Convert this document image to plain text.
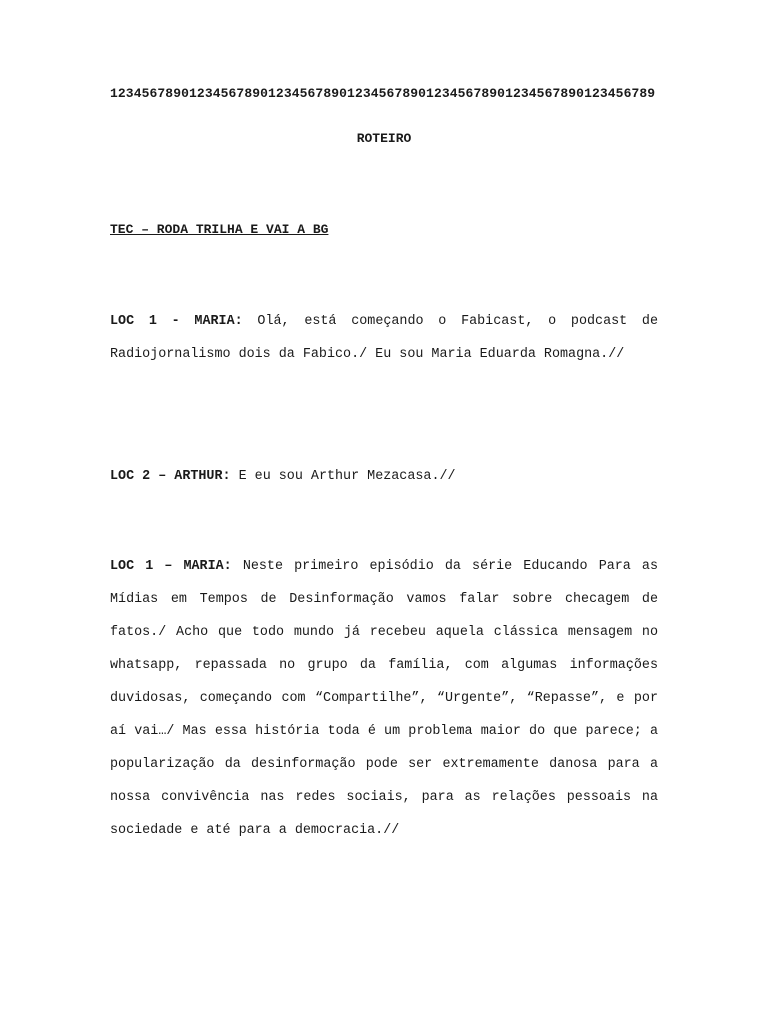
123456789012345678901234567890123456789012345678901234567890123456789
ROTEIRO
TEC – RODA TRILHA E VAI A BG

LOC 1 - MARIA: Olá, está começando o Fabicast, o podcast de Radiojornalismo dois da Fabico./ Eu sou Maria Eduarda Romagna.//

LOC 2 – ARTHUR: E eu sou Arthur Mezacasa.//

LOC 1 – MARIA: Neste primeiro episódio da série Educando Para as Mídias em Tempos de Desinformação vamos falar sobre checagem de fatos./ Acho que todo mundo já recebeu aquela clássica mensagem no whatsapp, repassada no grupo da família, com algumas informações duvidosas, começando com “Compartilhe”, “Urgente”, “Repasse”, e por aí vai…/ Mas essa história toda é um problema maior do que parece; a popularização da desinformação pode ser extremamente danosa para a nossa convivência nas redes sociais, para as relações pessoais na sociedade e até para a democracia.//
